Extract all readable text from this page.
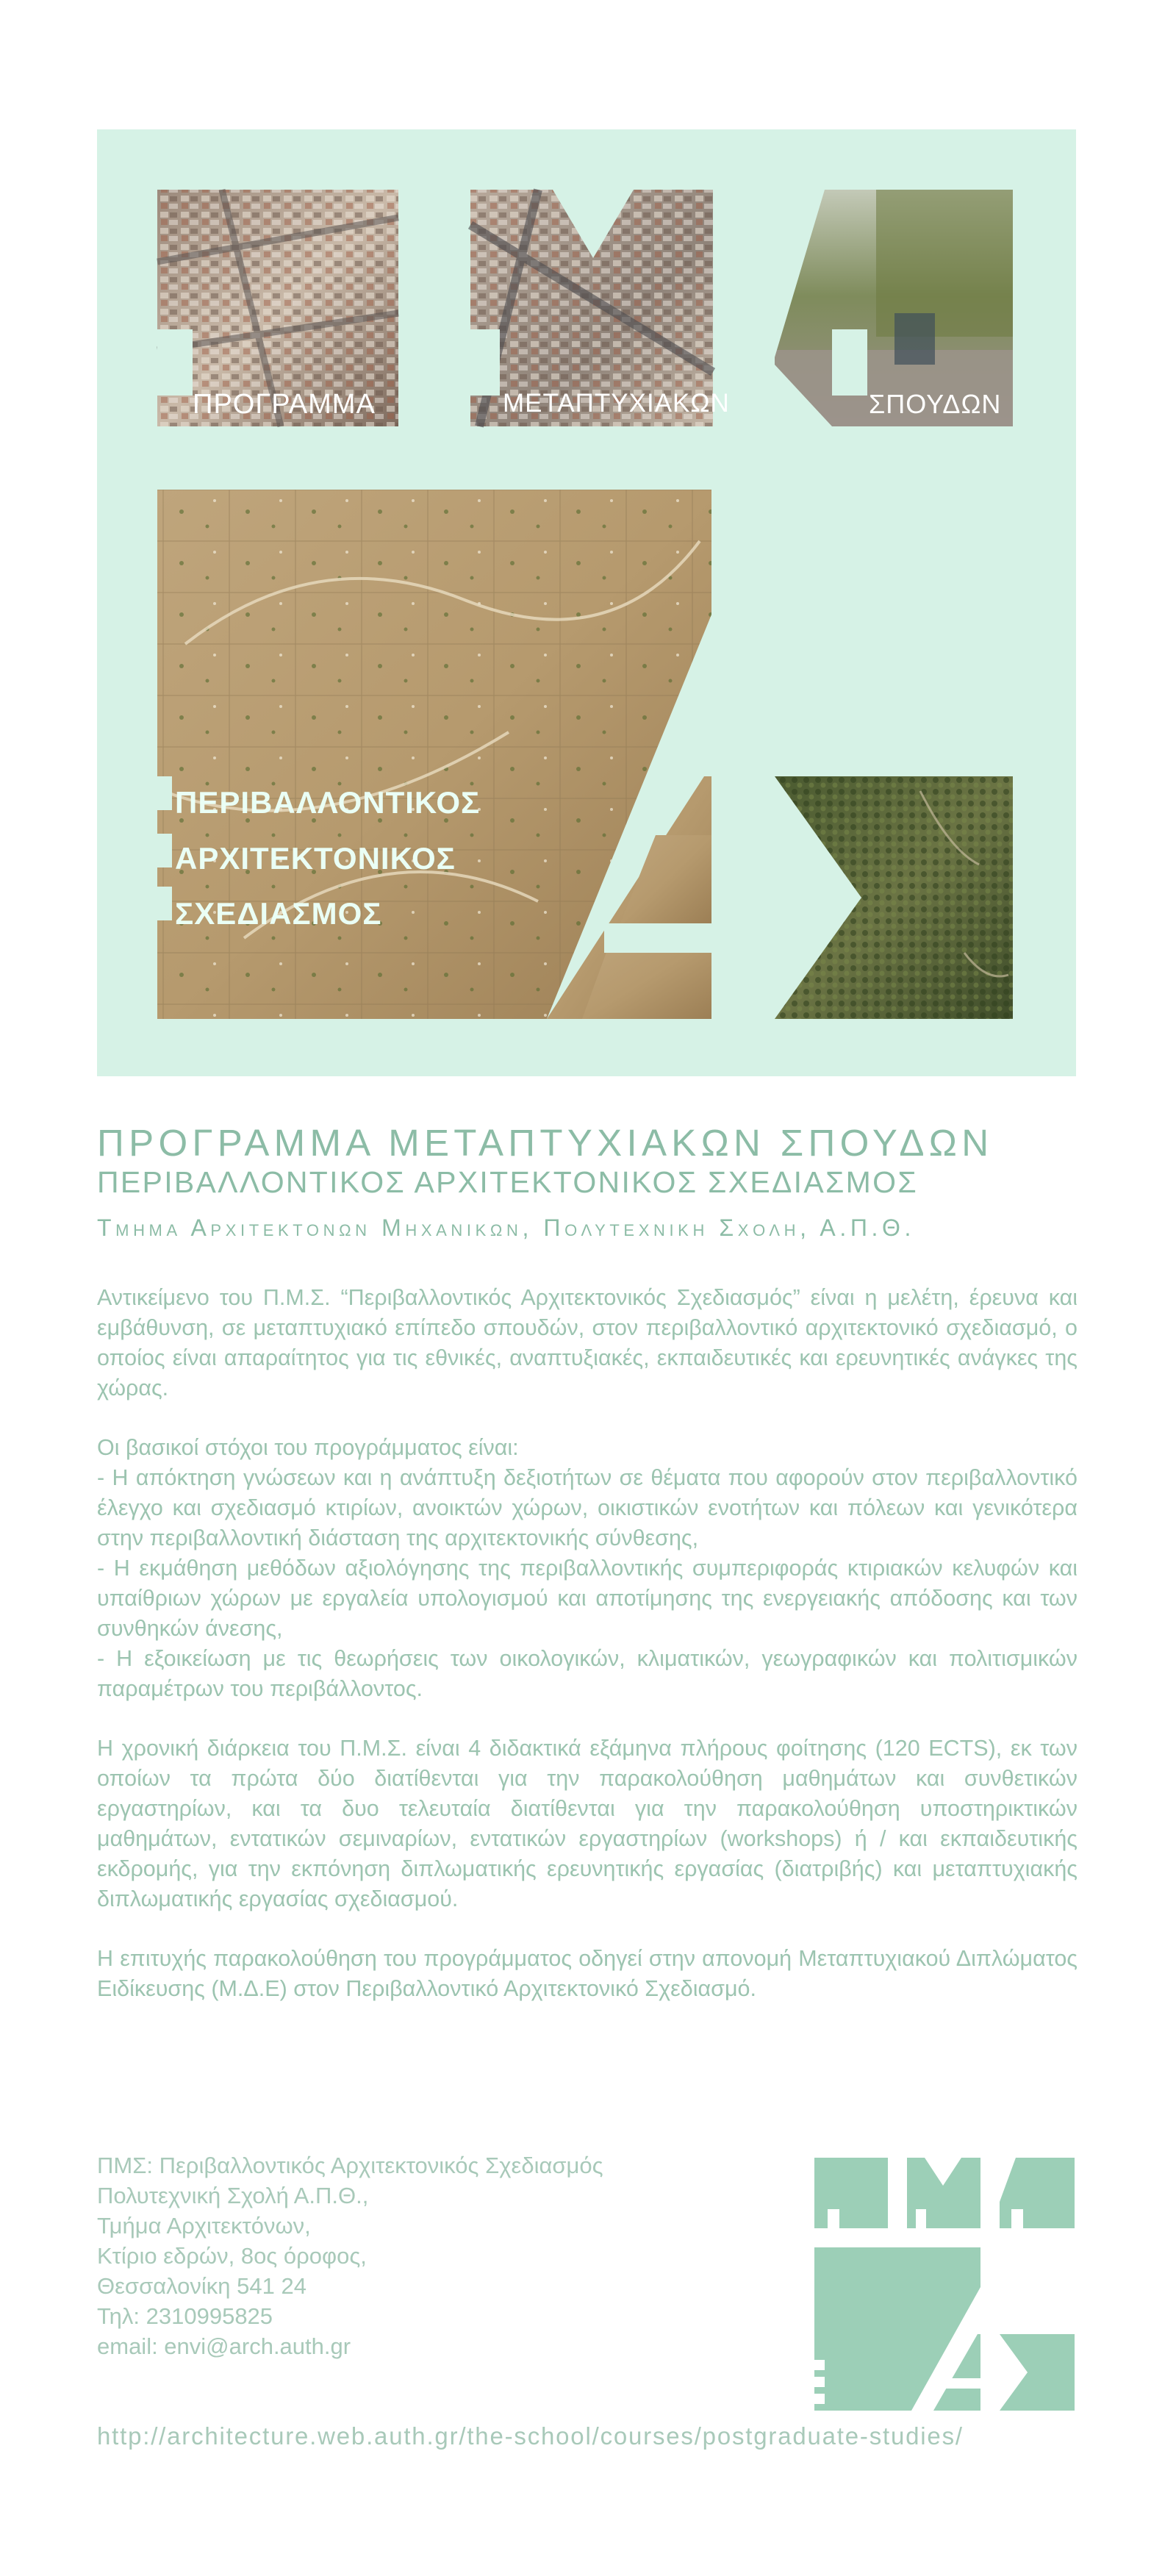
ΠΡΟΓΡΑΜΜΑ	ΜΕΤΑΠΤΥΧΙΑΚΩΝ	ΣΠΟΥΔΩΝ
ΠΕΡΙΒΑΛΛΟΝΤΙΚΟΣ
ΑΡΧΙΤΕΚΤΟΝΙΚΟΣ
ΣΧΕΔΙΑΣΜΟΣ
ΠΡΟΓΡΑΜΜΑ ΜΕΤΑΠΤΥΧΙΑΚΩΝ ΣΠΟΥΔΩΝ
ΠΕΡΙΒΑΛΛΟΝΤΙΚΟΣ ΑΡΧΙΤΕΚΤΟΝΙΚΟΣ ΣΧΕΔΙΑΣΜΟΣ
Τμημα Αρχιτεκτονων Μηχανικων, Πολυτεχνικη Σχολη, Α.Π.Θ.

Αντικείμενο του Π.Μ.Σ. “Περιβαλλοντικός Αρχιτεκτονικός Σχεδιασμός” είναι η μελέτη, έρευνα και εμβάθυνση, σε μεταπτυχιακό επίπεδο σπουδών, στον περιβαλλοντικό αρχιτεκτονικό σχεδιασμό, ο οποίος είναι απαραίτητος για τις εθνικές, αναπτυξιακές, εκπαιδευτικές και ερευνητικές ανάγκες της χώρας.

Οι βασικοί στόχοι του προγράμματος είναι:
- Η απόκτηση γνώσεων και η ανάπτυξη δεξιοτήτων σε θέματα που αφορούν στον περιβαλλοντικό έλεγχο και σχεδιασμό κτιρίων, ανοικτών χώρων, οικιστικών ενοτήτων και πόλεων και γενικότερα στην περιβαλλοντική διάσταση της αρχιτεκτονικής σύνθεσης,
- Η εκμάθηση μεθόδων αξιολόγησης της περιβαλλοντικής συμπεριφοράς κτιριακών κελυφών και υπαίθριων χώρων με εργαλεία υπολογισμού και αποτίμησης της ενεργειακής απόδοσης και των συνθηκών άνεσης,
- Η εξοικείωση με τις θεωρήσεις των οικολογικών, κλιματικών, γεωγραφικών και πολιτισμικών παραμέτρων του περιβάλλοντος.

Η χρονική διάρκεια του Π.Μ.Σ. είναι 4 διδακτικά εξάμηνα πλήρους φοίτησης (120 ECTS), εκ των οποίων τα πρώτα δύο διατίθενται για την παρακολούθηση μαθημάτων και συνθετικών εργαστηρίων, και τα δυο τελευταία διατίθενται για την παρακολούθηση υποστηρικτικών μαθημάτων, εντατικών σεμιναρίων, εντατικών εργαστηρίων (workshops) ή / και εκπαιδευτικής εκδρομής, για την εκπόνηση διπλωματικής ερευνητικής εργασίας (διατριβής) και μεταπτυχιακής διπλωματικής εργασίας σχεδιασμού.

Η επιτυχής παρακολούθηση του προγράμματος οδηγεί στην απονομή Μεταπτυχιακού Διπλώματος Ειδίκευσης (Μ.Δ.Ε) στον Περιβαλλοντικό Αρχιτεκτονικό Σχεδιασμό.

ΠΜΣ: Περιβαλλοντικός Αρχιτεκτονικός Σχεδιασμός
Πολυτεχνική Σχολή Α.Π.Θ.,
Τμήμα Αρχιτεκτόνων,
Κτίριο εδρών, 8ος όροφος,
Θεσσαλονίκη 541 24
Τηλ: 2310995825
email: envi@arch.auth.gr
http://architecture.web.auth.gr/the-school/courses/postgraduate-studies/
